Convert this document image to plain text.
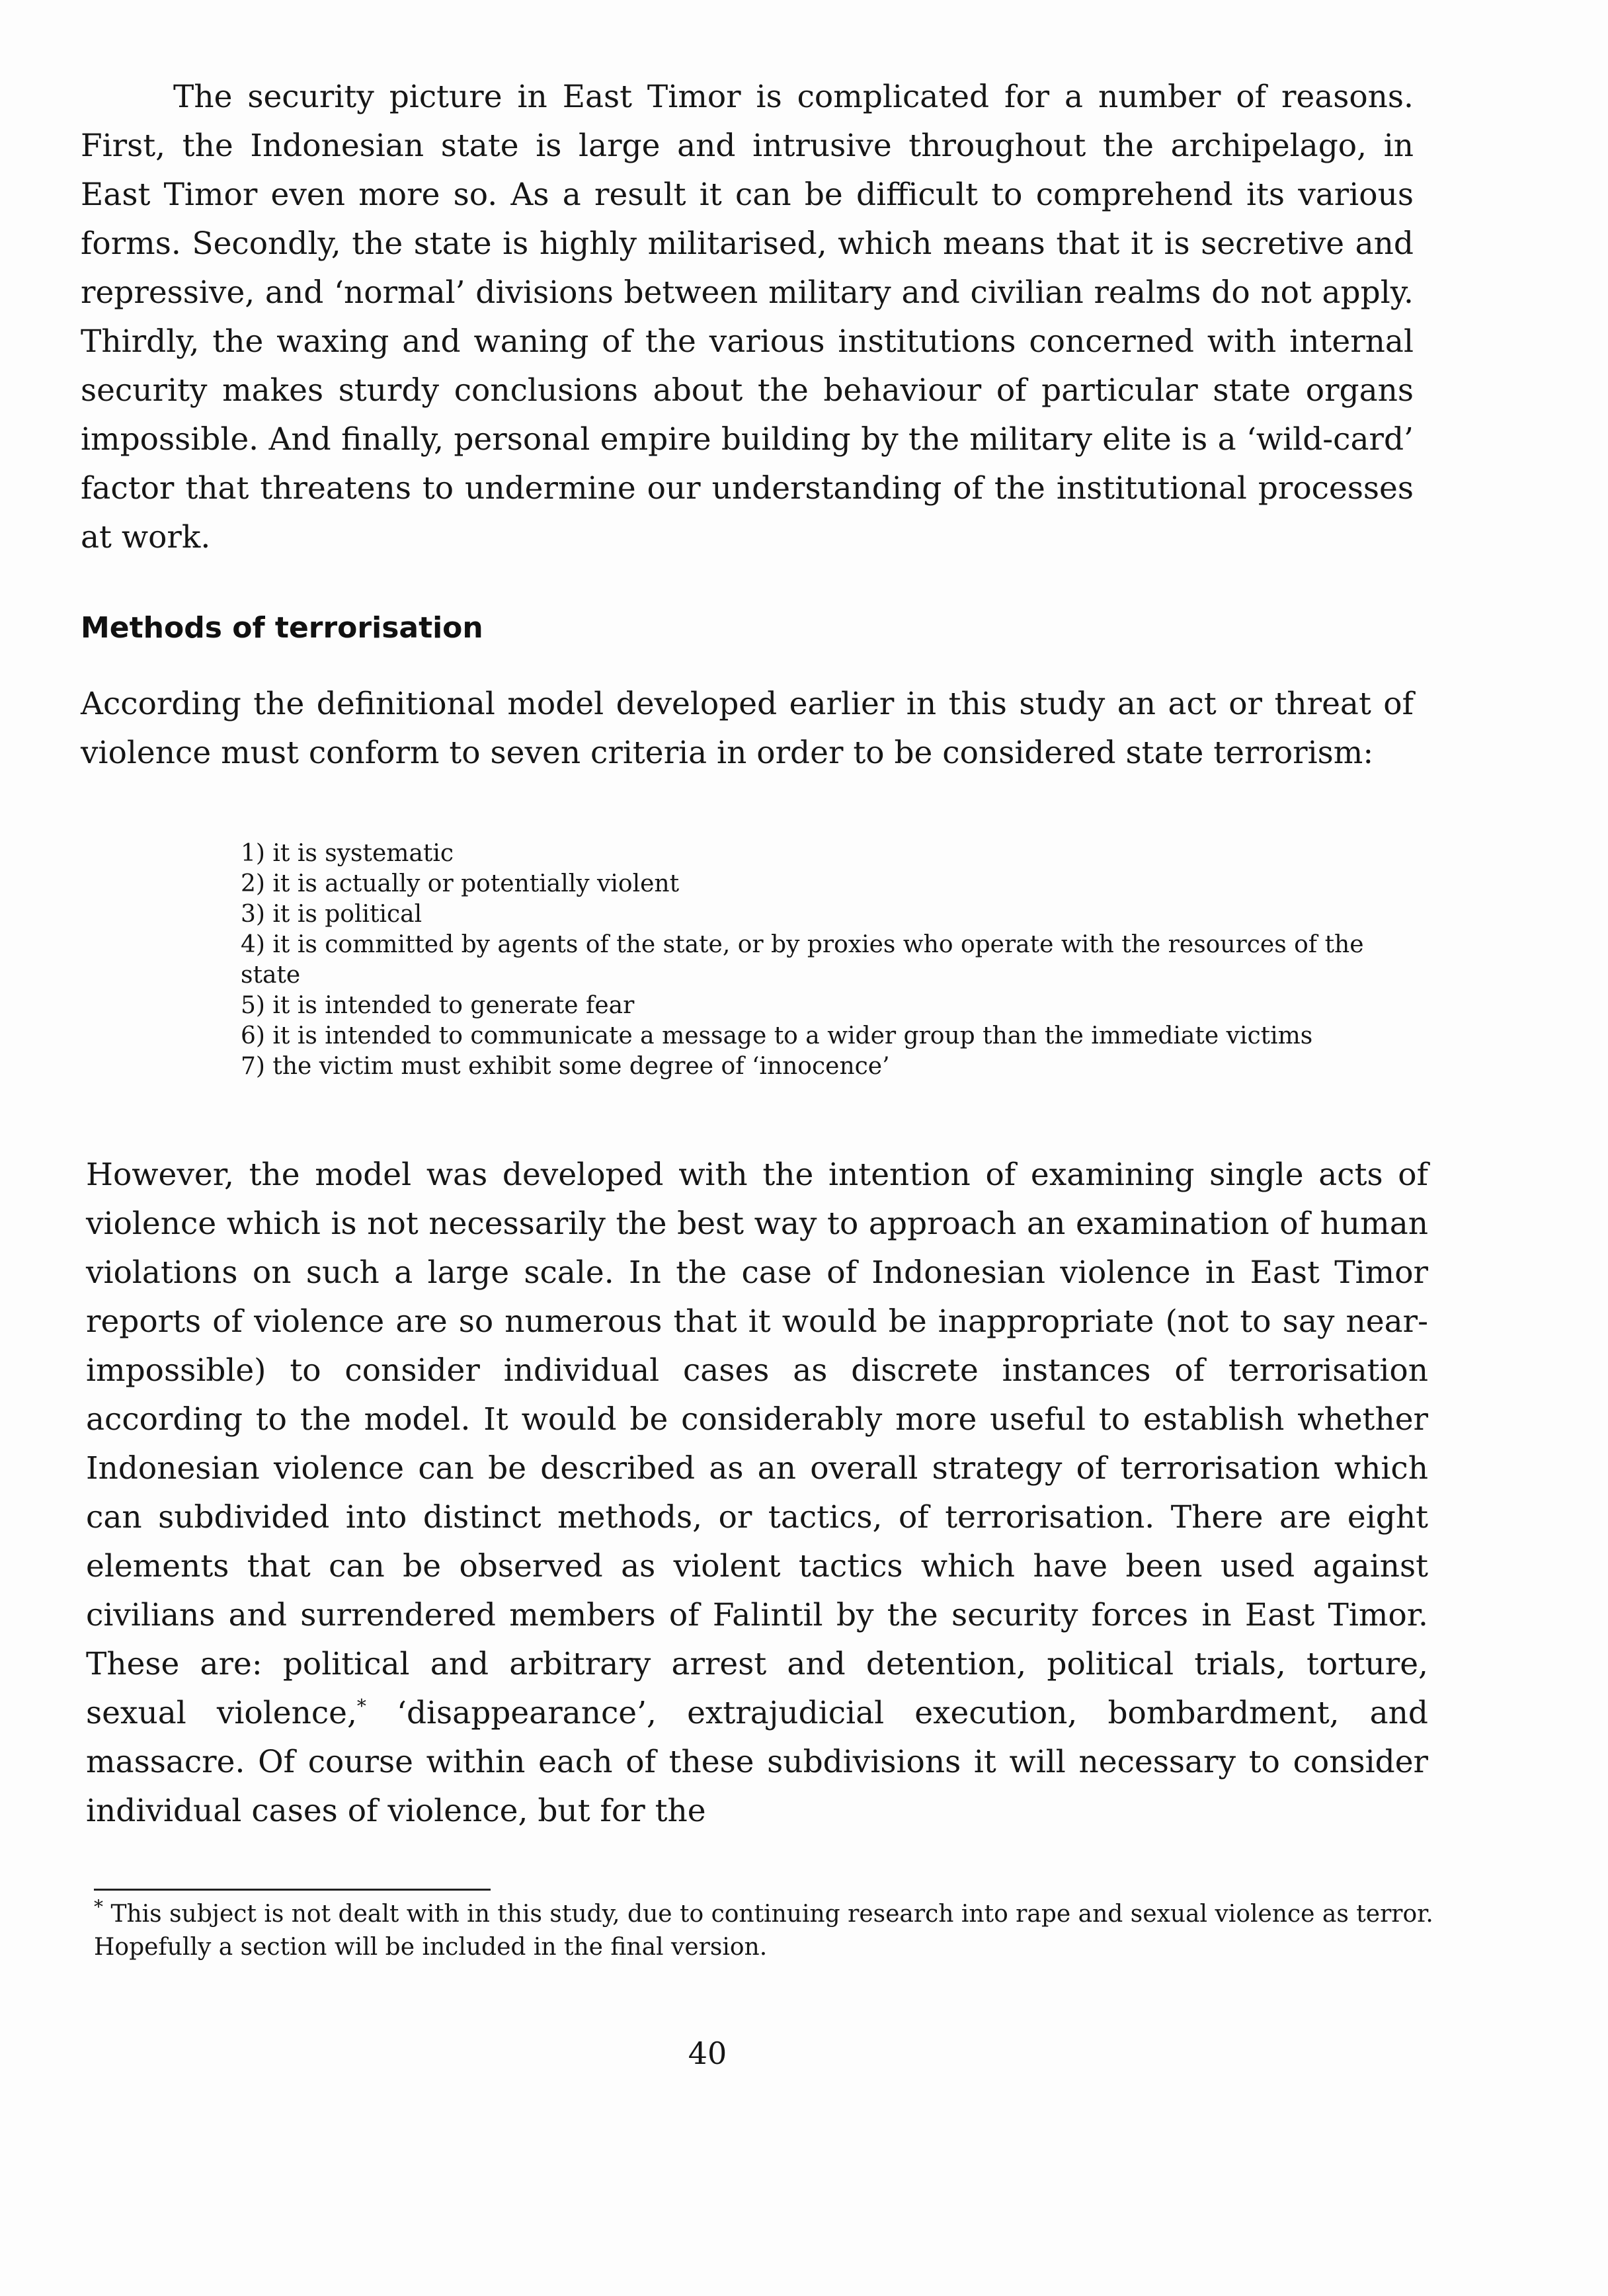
The security picture in East Timor is complicated for a number of reasons. First, the Indonesian state is large and intrusive throughout the archipelago, in East Timor even more so. As a result it can be difficult to comprehend its various forms. Secondly, the state is highly militarised, which means that it is secretive and repressive, and ‘normal’ divisions between military and civilian realms do not apply. Thirdly, the waxing and waning of the various institutions concerned with internal security makes sturdy conclusions about the behaviour of particular state organs impossible. And finally, personal empire building by the military elite is a ‘wild-card’ factor that threatens to undermine our understanding of the institutional processes at work.

Methods of terrorisation

According the definitional model developed earlier in this study an act or threat of violence must conform to seven criteria in order to be considered state terrorism:

1) it is systematic
2) it is actually or potentially violent
3) it is political
4) it is committed by agents of the state, or by proxies who operate with the resources of the state
5) it is intended to generate fear
6) it is intended to communicate a message to a wider group than the immediate victims
7) the victim must exhibit some degree of ‘innocence’

However, the model was developed with the intention of examining single acts of violence which is not necessarily the best way to approach an examination of human violations on such a large scale. In the case of Indonesian violence in East Timor reports of violence are so numerous that it would be inappropriate (not to say near-impossible) to consider individual cases as discrete instances of terrorisation according to the model. It would be considerably more useful to establish whether Indonesian violence can be described as an overall strategy of terrorisation which can subdivided into distinct methods, or tactics, of terrorisation. There are eight elements that can be observed as violent tactics which have been used against civilians and surrendered members of Falintil by the security forces in East Timor. These are: political and arbitrary arrest and detention, political trials, torture, sexual violence,* ‘disappearance’, extrajudicial execution, bombardment, and massacre. Of course within each of these subdivisions it will necessary to consider individual cases of violence, but for the

* This subject is not dealt with in this study, due to continuing research into rape and sexual violence as terror. Hopefully a section will be included in the final version.

40
